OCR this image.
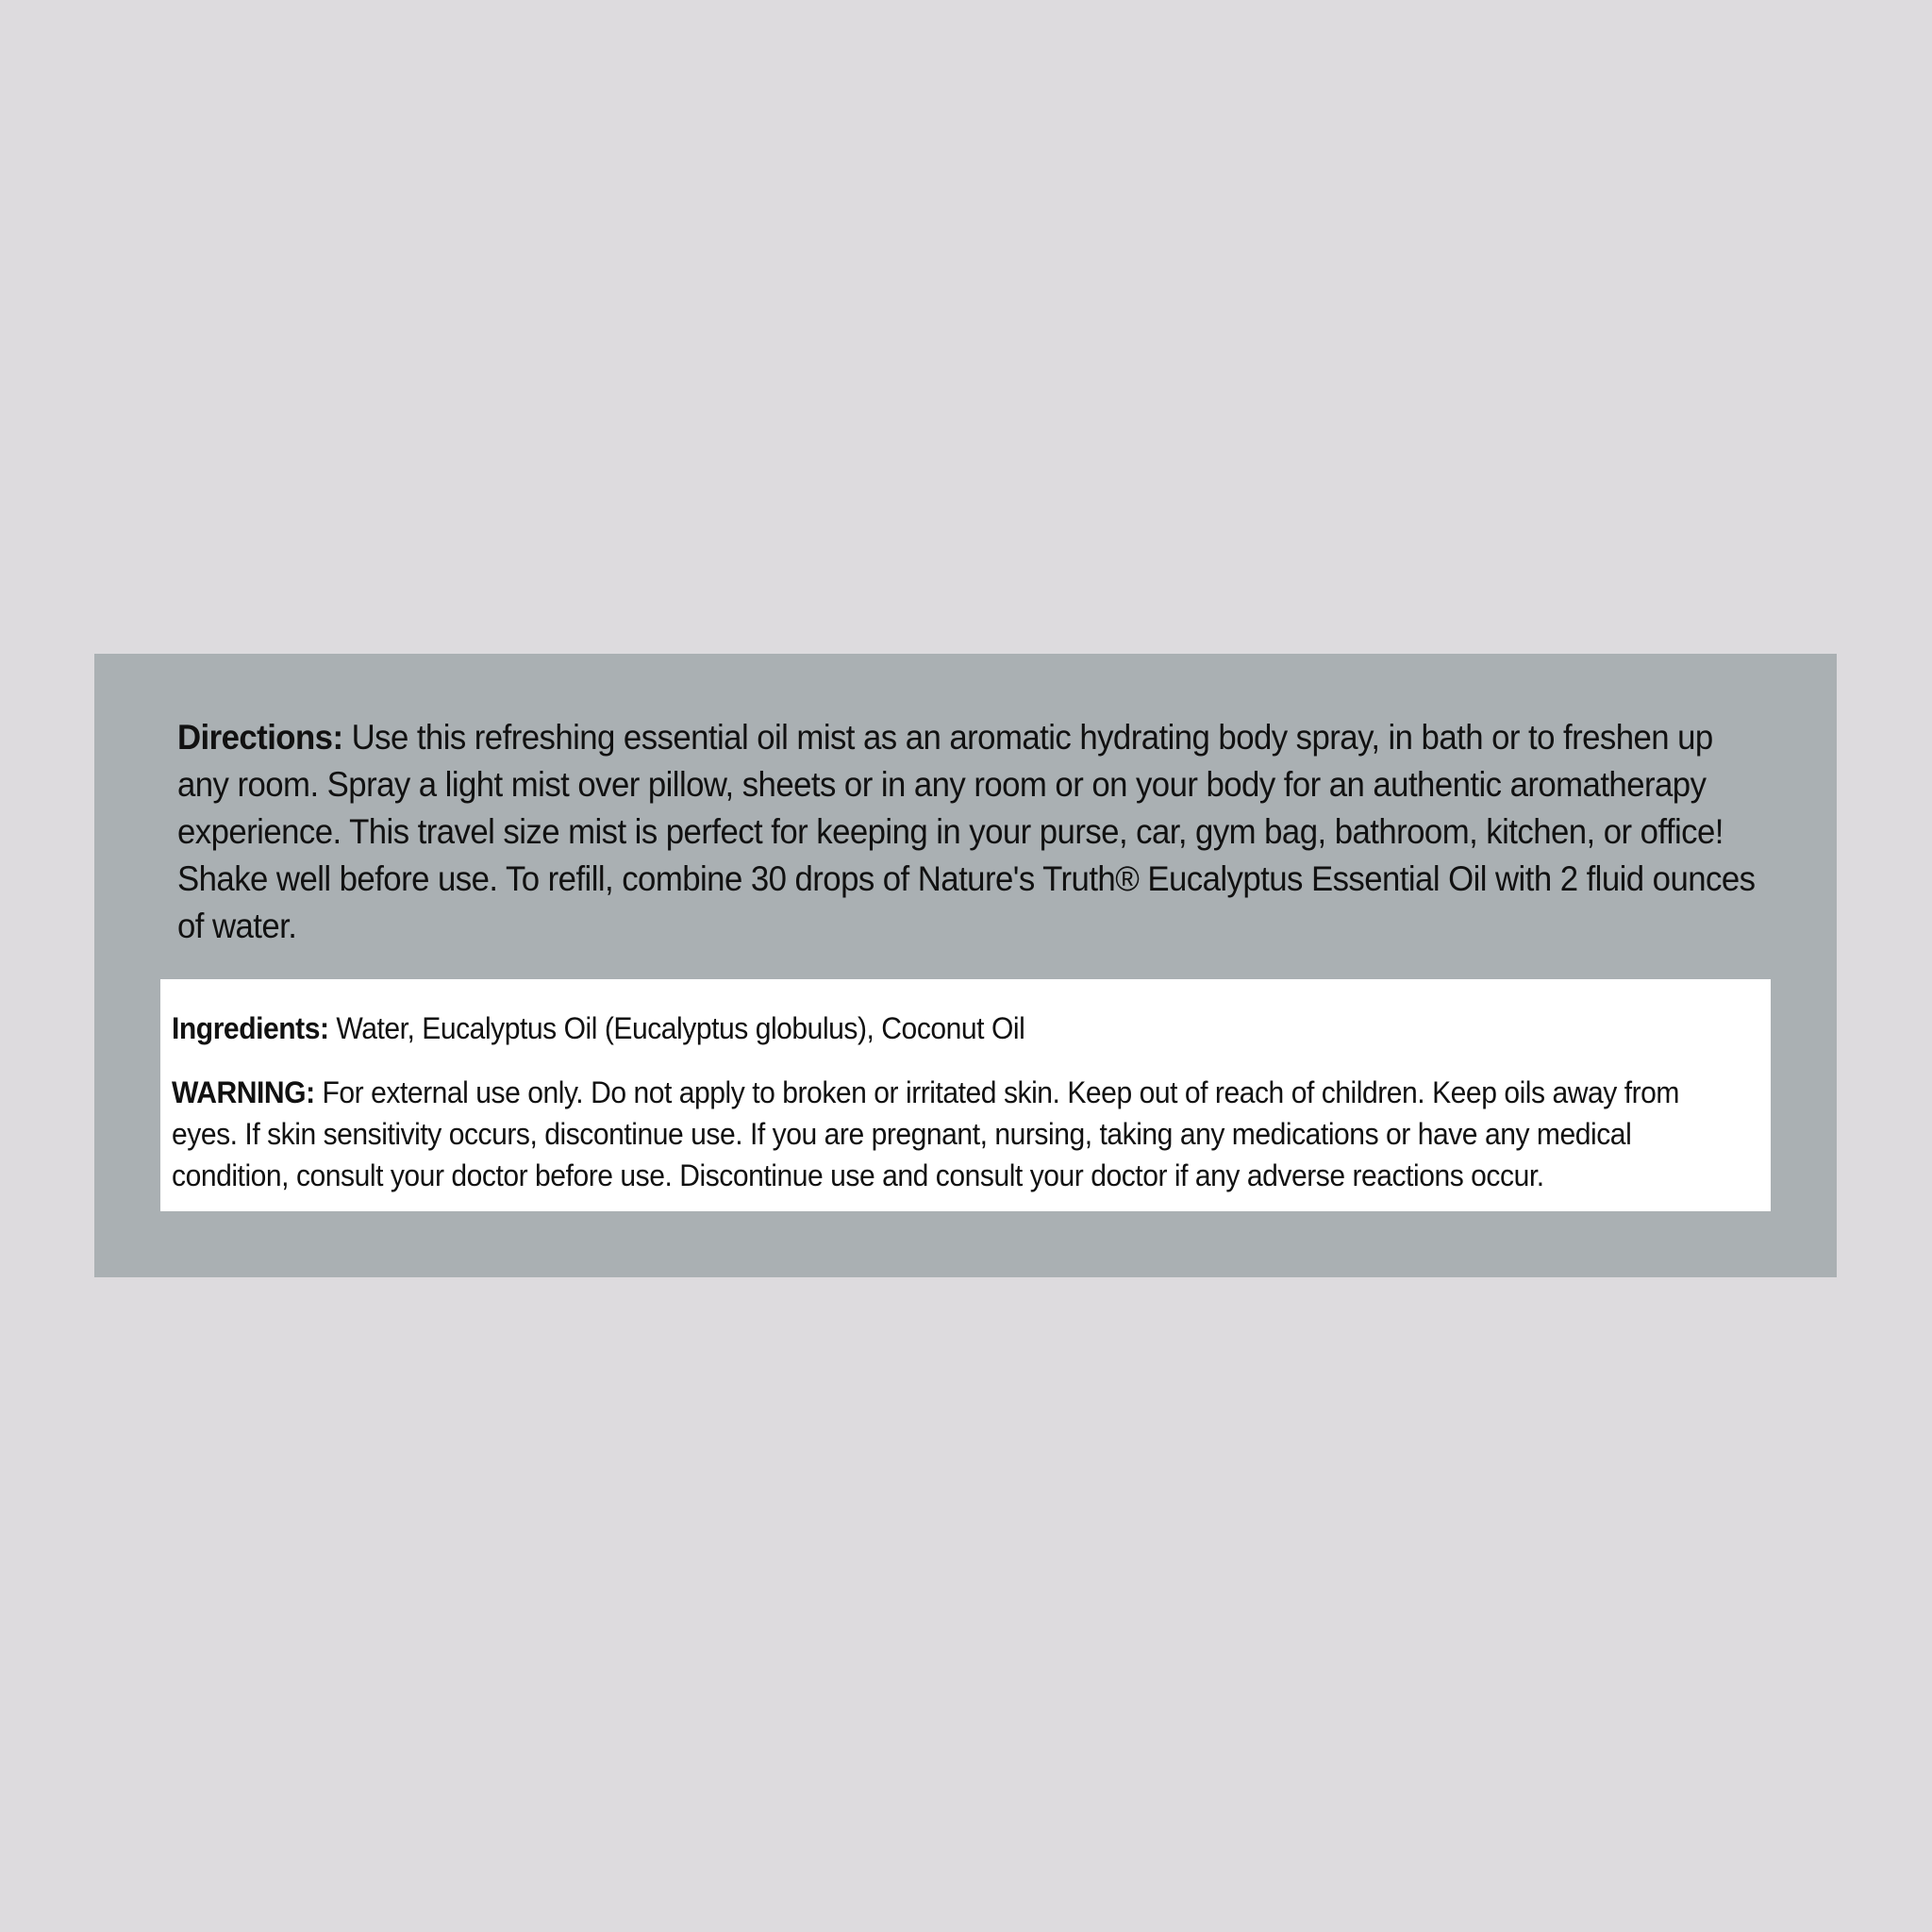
Directions: Use this refreshing essential oil mist as an aromatic hydrating body spray, in bath or to freshen up any room. Spray a light mist over pillow, sheets or in any room or on your body for an authentic aromatherapy experience. This travel size mist is perfect for keeping in your purse, car, gym bag, bathroom, kitchen, or office! Shake well before use. To refill, combine 30 drops of Nature's Truth® Eucalyptus Essential Oil with 2 fluid ounces of water.

Ingredients: Water, Eucalyptus Oil (Eucalyptus globulus), Coconut Oil

WARNING: For external use only. Do not apply to broken or irritated skin. Keep out of reach of children. Keep oils away from eyes. If skin sensitivity occurs, discontinue use. If you are pregnant, nursing, taking any medications or have any medical condition, consult your doctor before use. Discontinue use and consult your doctor if any adverse reactions occur.
